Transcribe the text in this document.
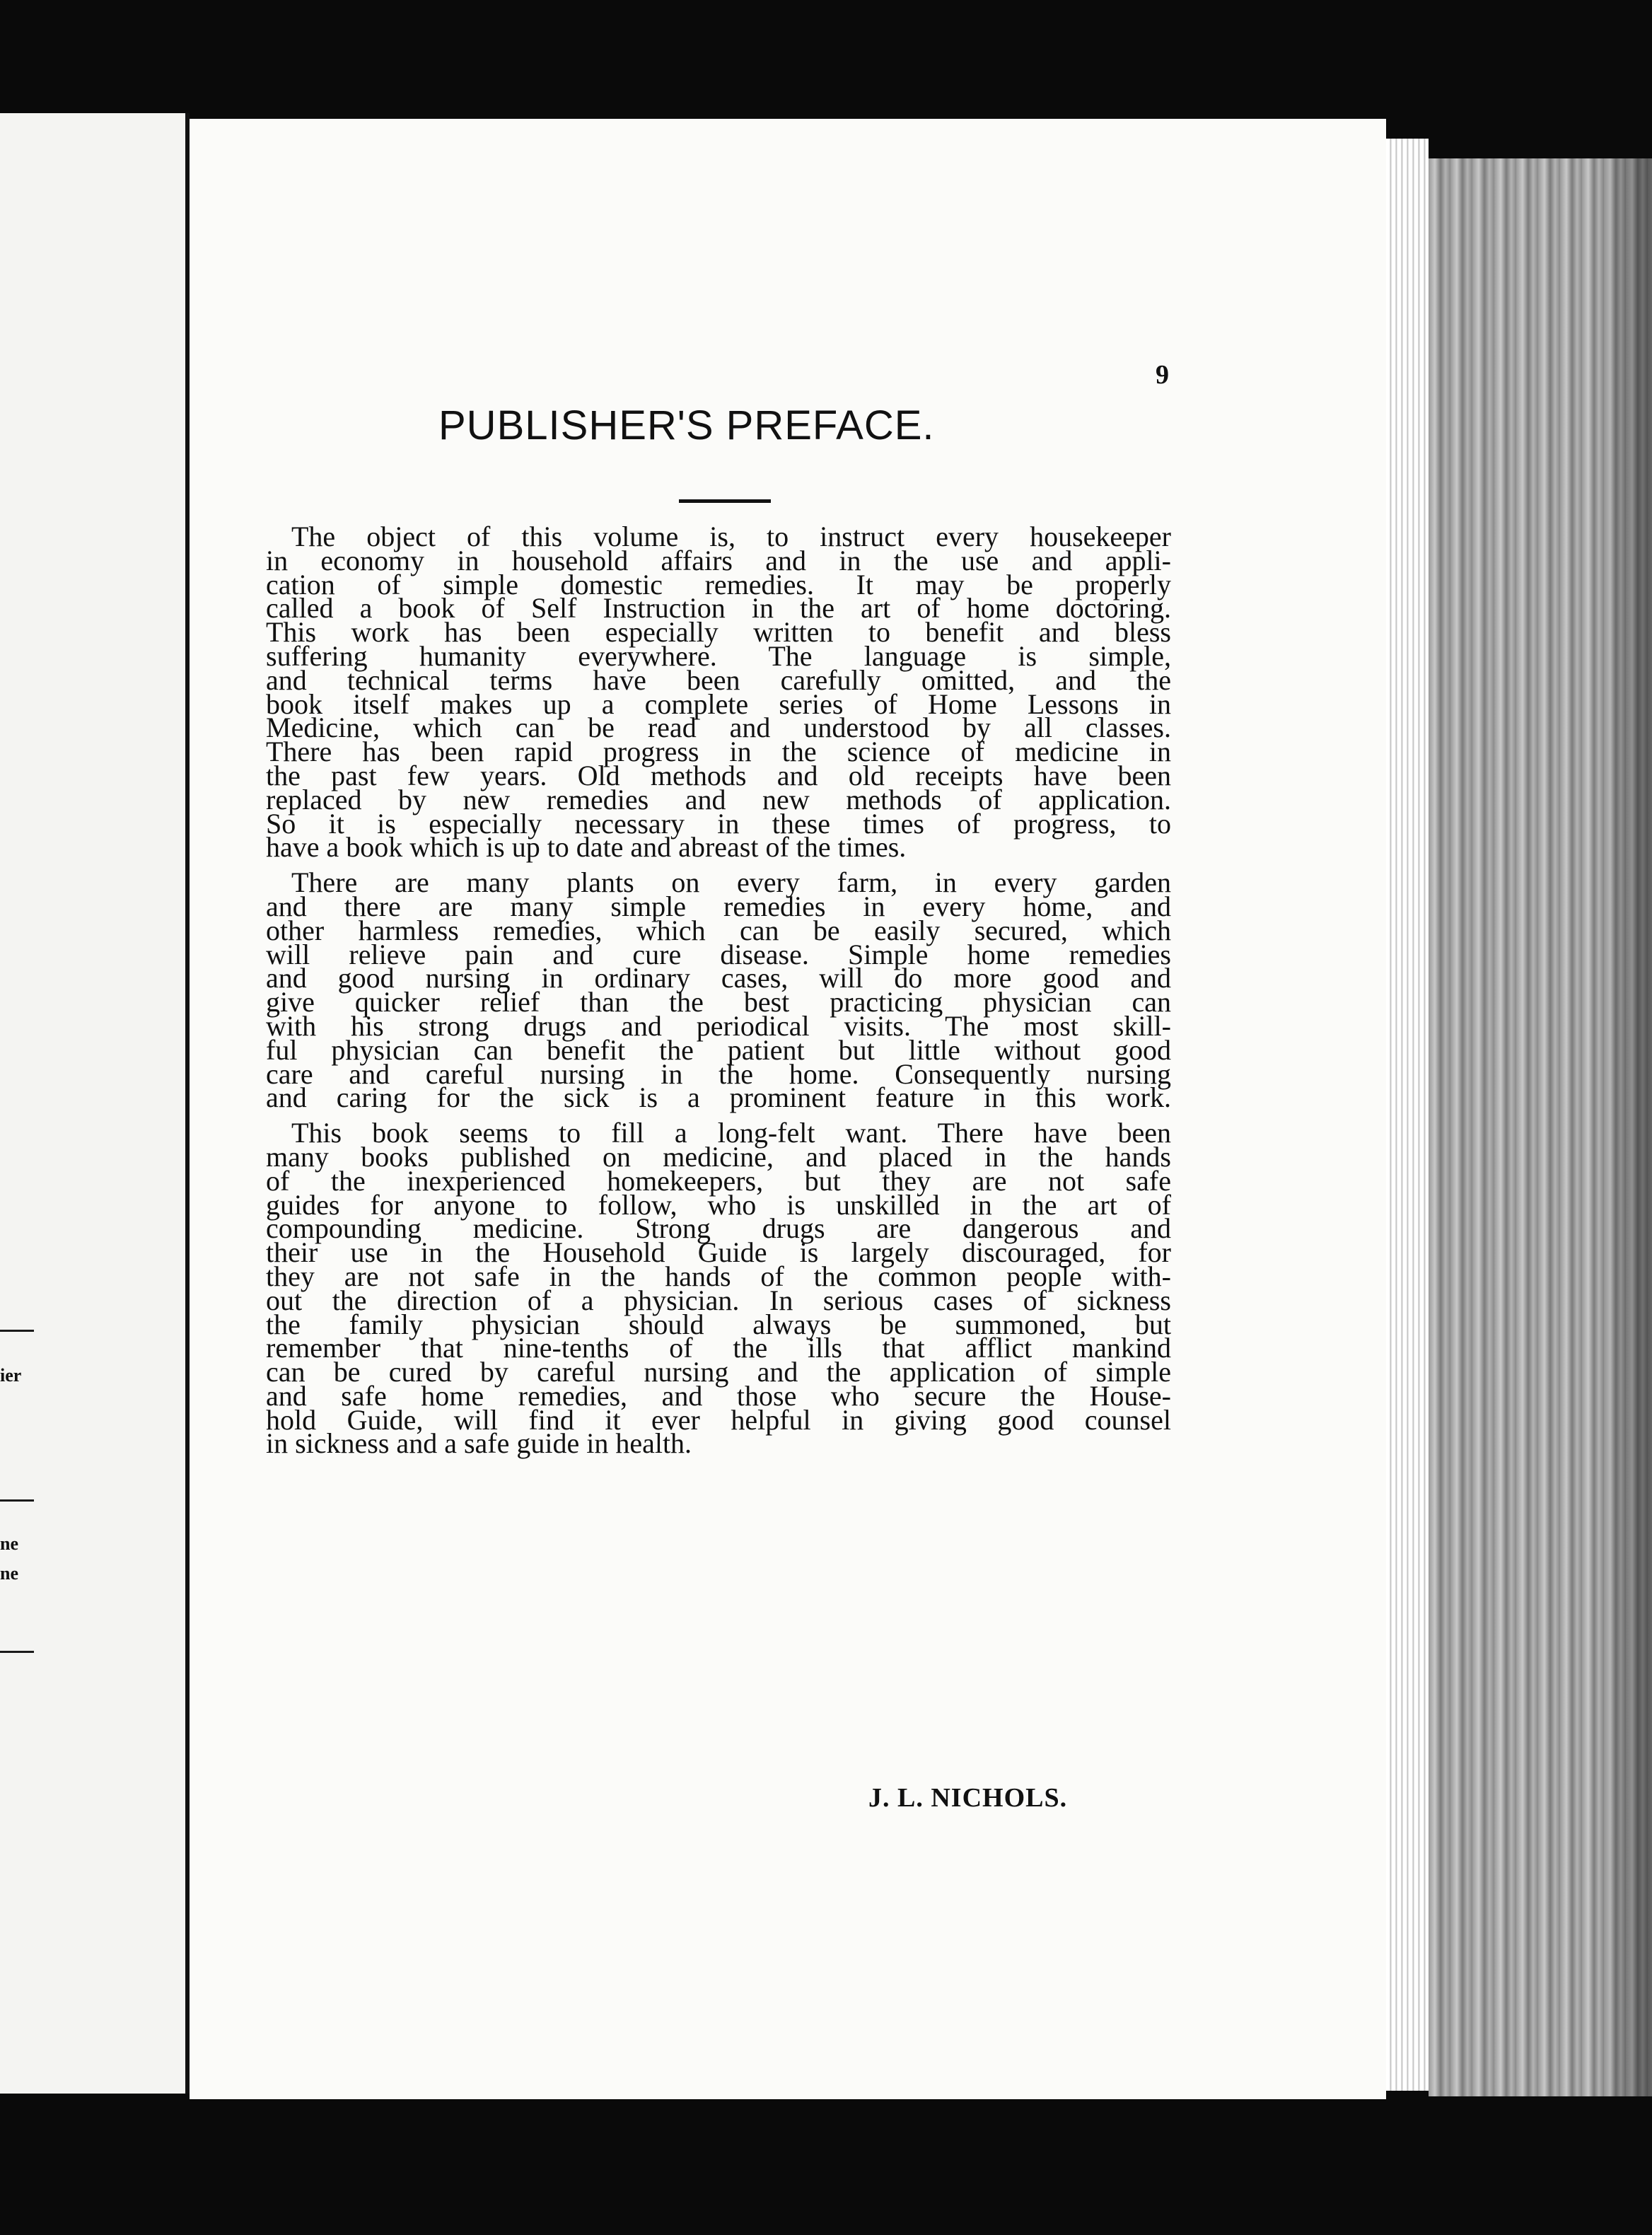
ier
ne
ne
9
PUBLISHER'S PREFACE.
The object of this volume is, to instruct every housekeeper
in economy in household affairs and in the use and appli-
cation of simple domestic remedies. It may be properly
called a book of Self Instruction in the art of home doctoring.
This work has been especially written to benefit and bless
suffering humanity everywhere. The language is simple,
and technical terms have been carefully omitted, and the
book itself makes up a complete series of Home Lessons in
Medicine, which can be read and understood by all classes.
There has been rapid progress in the science of medicine in
the past few years. Old methods and old receipts have been
replaced by new remedies and new methods of application.
So it is especially necessary in these times of progress, to
have a book which is up to date and abreast of the times.
There are many plants on every farm, in every garden
and there are many simple remedies in every home, and
other harmless remedies, which can be easily secured, which
will relieve pain and cure disease. Simple home remedies
and good nursing in ordinary cases, will do more good and
give quicker relief than the best practicing physician can
with his strong drugs and periodical visits. The most skill-
ful physician can benefit the patient but little without good
care and careful nursing in the home. Consequently nursing
and caring for the sick is a prominent feature in this work.
This book seems to fill a long-felt want. There have been
many books published on medicine, and placed in the hands
of the inexperienced homekeepers, but they are not safe
guides for anyone to follow, who is unskilled in the art of
compounding medicine. Strong drugs are dangerous and
their use in the Household Guide is largely discouraged, for
they are not safe in the hands of the common people with-
out the direction of a physician. In serious cases of sickness
the family physician should always be summoned, but
remember that nine-tenths of the ills that afflict mankind
can be cured by careful nursing and the application of simple
and safe home remedies, and those who secure the House-
hold Guide, will find it ever helpful in giving good counsel
in sickness and a safe guide in health.
J. L. NICHOLS.
